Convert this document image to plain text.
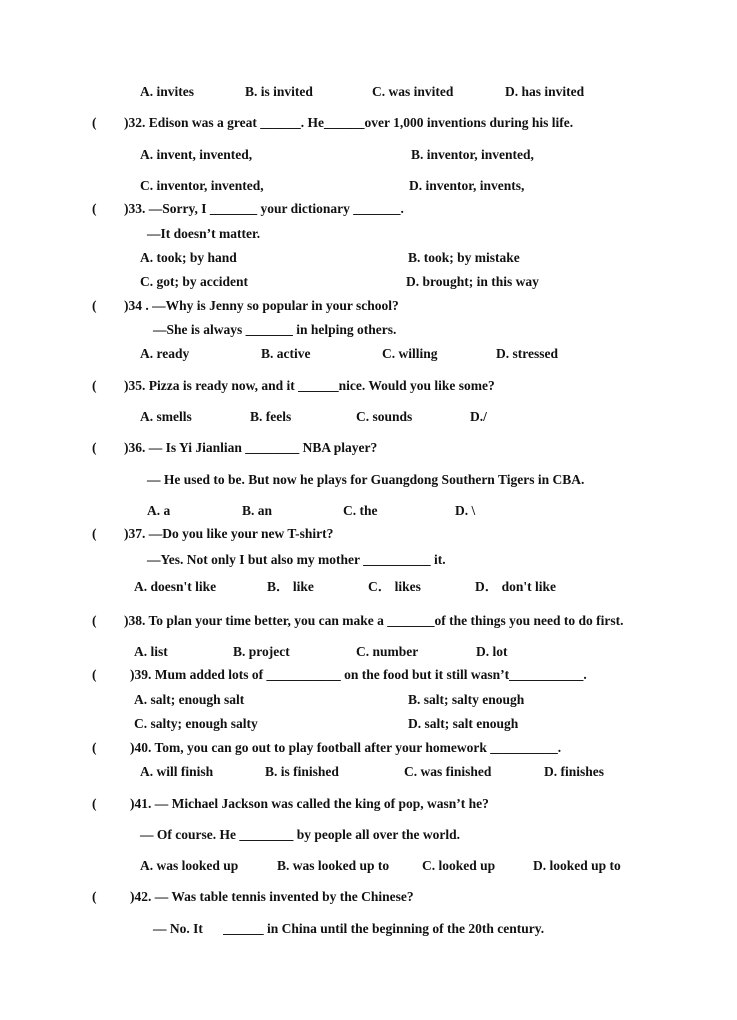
A. invites	B. is invited	C. was invited	D. has invited
( )32. Edison was a great ______. He______over 1,000 inventions during his life.
A. invent, invented,	B. inventor, invented,
C. inventor, invented,	D. inventor, invents,
( )33. —Sorry, I _______ your dictionary _______.
—It doesn’t matter.
A. took; by hand	B. took; by mistake
C. got; by accident	D. brought; in this way
( )34 . —Why is Jenny so popular in your school?
—She is always _______ in helping others.
A. ready	B. active	C. willing	D. stressed
( )35. Pizza is ready now, and it ______nice. Would you like some?
A. smells	B. feels	C. sounds	D./
( )36. — Is Yi Jianlian ________ NBA player?
— He used to be. But now he plays for Guangdong Southern Tigers in CBA.
A. a	B. an	C. the	D. \
( )37. —Do you like your new T-shirt?
—Yes. Not only I but also my mother __________ it.
A. doesn't like	B． like	C． likes	D． don't like
( )38. To plan your time better, you can make a _______of the things you need to do first.
A. list	B. project	C. number	D. lot
( )39. Mum added lots of ___________ on the food but it still wasn’t___________.
A. salt; enough salt	B. salt; salty enough
C. salty; enough salty	D. salt; salt enough
( )40. Tom, you can go out to play football after your homework __________.
A. will finish	B. is finished	C. was finished	D. finishes
( )41. — Michael Jackson was called the king of pop, wasn’t he?
— Of course. He ________ by people all over the world.
A. was looked up	B. was looked up to C. looked up	D. looked up to
( )42. — Was table tennis invented by the Chinese?
— No. It      ______ in China until the beginning of the 20th century.
